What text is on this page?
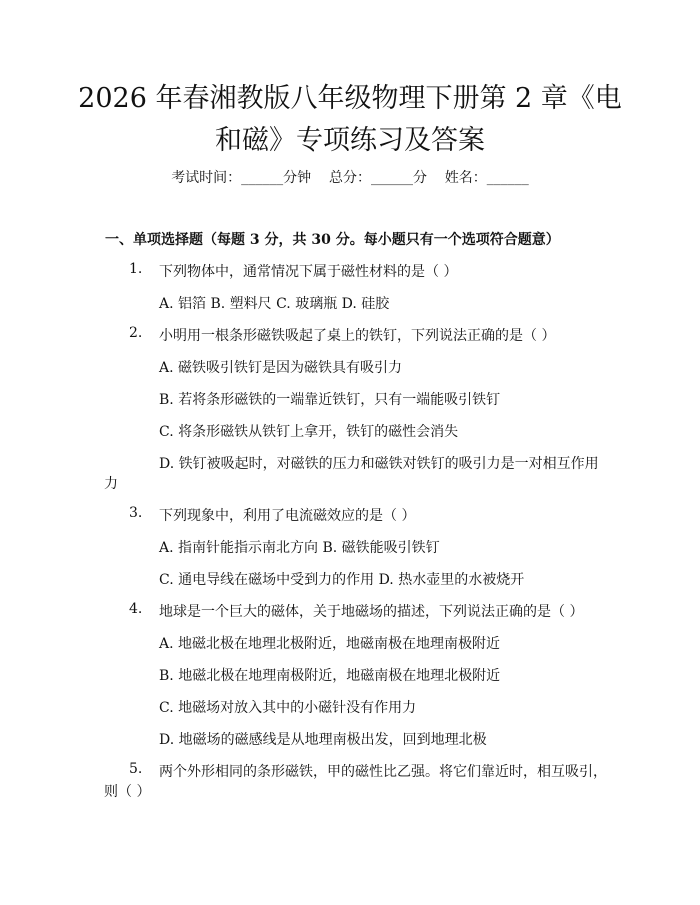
2026 年春湘教版八年级物理下册第 2 章《电
和磁》专项练习及答案
考试时间：______分钟    总分：______分    姓名：______
一、单项选择题（每题 3 分，共 30 分。每小题只有一个选项符合题意）
1. 下列物体中，通常情况下属于磁性材料的是（ ）
A. 铝箔 B. 塑料尺 C. 玻璃瓶 D. 硅胶
2. 小明用一根条形磁铁吸起了桌上的铁钉，下列说法正确的是（ ）
A. 磁铁吸引铁钉是因为磁铁具有吸引力
B. 若将条形磁铁的一端靠近铁钉，只有一端能吸引铁钉
C. 将条形磁铁从铁钉上拿开，铁钉的磁性会消失
D. 铁钉被吸起时，对磁铁的压力和磁铁对铁钉的吸引力是一对相互作用
力
3. 下列现象中，利用了电流磁效应的是（ ）
A. 指南针能指示南北方向 B. 磁铁能吸引铁钉
C. 通电导线在磁场中受到力的作用 D. 热水壶里的水被烧开
4. 地球是一个巨大的磁体，关于地磁场的描述，下列说法正确的是（ ）
A. 地磁北极在地理北极附近，地磁南极在地理南极附近
B. 地磁北极在地理南极附近，地磁南极在地理北极附近
C. 地磁场对放入其中的小磁针没有作用力
D. 地磁场的磁感线是从地理南极出发，回到地理北极
5. 两个外形相同的条形磁铁，甲的磁性比乙强。将它们靠近时，相互吸引，
则（ ）
